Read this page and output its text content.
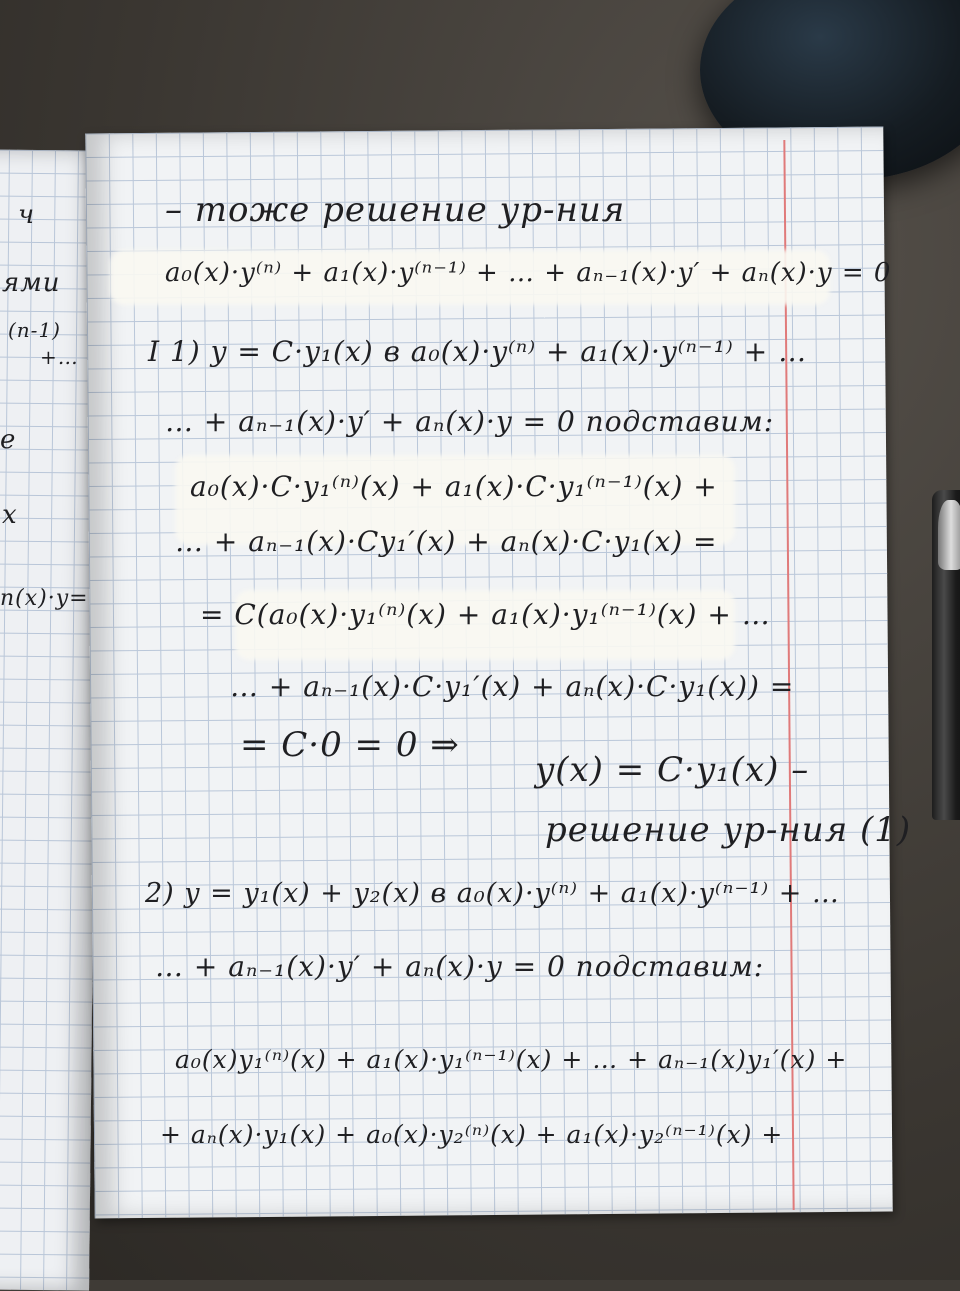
ч
ями
(n-1)
+…
е
х
n(x)·y=
– тоже решение ур-ния
a₀(x)·y⁽ⁿ⁾ + a₁(x)·y⁽ⁿ⁻¹⁾ + … + aₙ₋₁(x)·y′ + aₙ(x)·y = 0
I 1) y = C·y₁(x) в a₀(x)·y⁽ⁿ⁾ + a₁(x)·y⁽ⁿ⁻¹⁾ + …
… + aₙ₋₁(x)·y′ + aₙ(x)·y = 0 подставим:
a₀(x)·C·y₁⁽ⁿ⁾(x) + a₁(x)·C·y₁⁽ⁿ⁻¹⁾(x) +
… + aₙ₋₁(x)·Cy₁′(x) + aₙ(x)·C·y₁(x) =
= C(a₀(x)·y₁⁽ⁿ⁾(x) + a₁(x)·y₁⁽ⁿ⁻¹⁾(x) + …
… + aₙ₋₁(x)·C·y₁′(x) + aₙ(x)·C·y₁(x)) =
= C·0 = 0 ⇒
y(x) = C·y₁(x) –
решение ур-ния (1)
2) y = y₁(x) + y₂(x) в a₀(x)·y⁽ⁿ⁾ + a₁(x)·y⁽ⁿ⁻¹⁾ + …
… + aₙ₋₁(x)·y′ + aₙ(x)·y = 0 подставим:
a₀(x)y₁⁽ⁿ⁾(x) + a₁(x)·y₁⁽ⁿ⁻¹⁾(x) + … + aₙ₋₁(x)y₁′(x) +
+ aₙ(x)·y₁(x) + a₀(x)·y₂⁽ⁿ⁾(x) + a₁(x)·y₂⁽ⁿ⁻¹⁾(x) +
